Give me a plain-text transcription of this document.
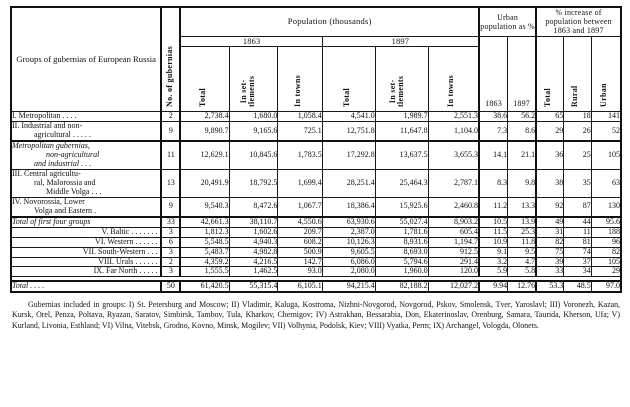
Groups of gubernias of European Russia	No. of gubernias	Population (thousands)						Urban population as %		% increase of population between 1863 and 1897		
		1863			1897			1863	1897	Total	Rural	Urban

		Total	In set- tlements	In towns	Total	In set- tlements	In towns					

I. Metropolitan . . . .	2	2,738.4	1,680.0	1,058.4	4,541.0	1,989.7	2,551.3	38.6	56.2	65	18	141

II. Industrial and non-
agricultural . . . . .	9	9,890.7	9,165.6	725.1	12,751.8	11,647.8	1,104.0	7.3	8.6	29	26	52

Metropolitan gubernias,
non-agricultural
and industrial . . .	11	12,629.1	10,845.6	1,783.5	17,292.8	13,637.5	3,655.3	14.1	21.1	36	25	105

III. Central agricultu-
ral, Malorossia and
Middle Volga . . .	13	20,491.9	18,792.5	1,699.4	28,251.4	25,464.3	2,787.1	8.3	9.8	38	35	63

IV. Novorossia, Lower
Volga and Eastern .	9	9,540.3	8,472.6	1,067.7	18,386.4	15,925.6	2,460.8	11.2	13.3	92	87	130

Total of first four groups	33	42,661.3	38,110.7	4,550.6	63,930.6	55,027.4	8,903.2	10.5	13.9	49	44	95.6

V. Baltic . . . . . . .	3	1,812.3	1,602.6	209.7	2,387.0	1,781.6	605.4	11.5	25.3	31	11	188

VI. Western . . . . . .	6	5,548.5	4,940.3	608.2	10,126.3	8,931.6	1,194.7	10.9	11.8	82	81	96

VII. South-Western . . .	3	5,483.7	4,982.8	500.9	9,605.5	8,693.0	912.5	9.1	9.5	75	74	82

VIII. Urals . . . . . .	2	4,359.2	4,216.5	142.7	6,086.0	5,794.6	291.4	3.2	4.7	39	37	105

IX. Far North . . . . .	3	1,555.5	1,462.5	93.0	2,080.0	1,960.0	120.0	5.9	5.8	33	34	29

Total . . . .	50	61,420.5	55,315.4	6,105.1	94,215.4	82,188.2	12,027.2	9.94	12.76	53.3	48.5	97.0
Gubernias included in groups: I) St. Petersburg and Moscow; II) Vladimir, Kaluga, Kostroma, Nizhni-Novgorod, Novgorod, Pskov, Smolensk, Tver, Yaroslavl; III) Voronezh, Kazan, Kursk, Orel, Penza, Poltava, Ryazan, Saratov, Simbirsk, Tambov, Tula, Kharkov, Chernigov; IV) Astrakhan, Bessarabia, Don, Ekaterinoslav, Orenburg, Samara, Taurida, Kherson, Ufa; V) Kurland, Livonia, Esthland; VI) Vilna, Vitebsk, Grodno, Kovno, Minsk, Mogilev; VII) Volhynia, Podolsk, Kiev; VIII) Vyatka, Perm; IX) Archangel, Vologda, Olonets.
